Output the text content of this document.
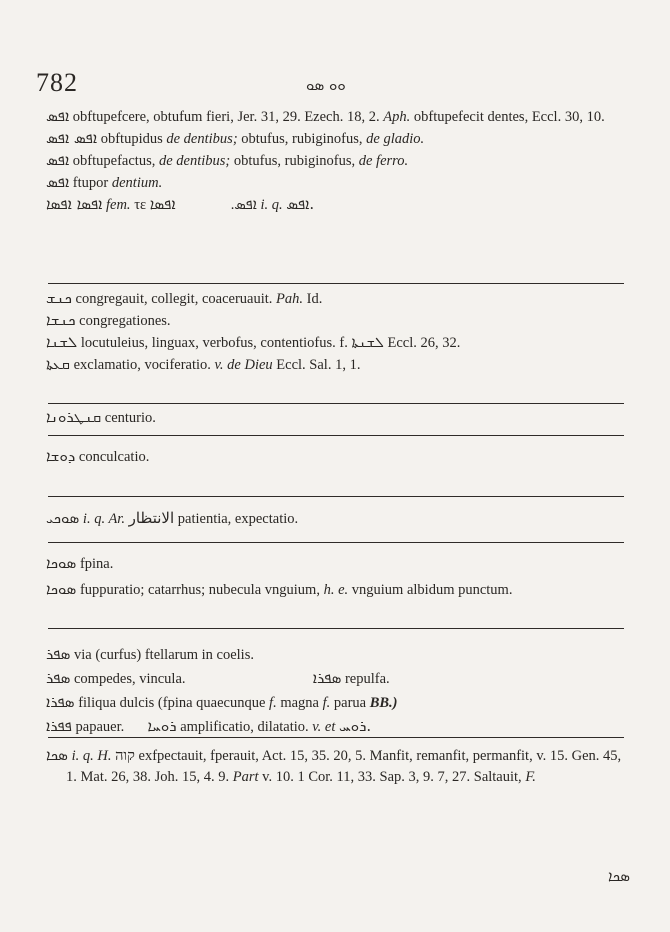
782	ܘܘ ܣܘ

ܐܦܣ obftupefcere, obtufum fieri, Jer. 31, 29. Ezech. 18, 2. Aph. obftupefecit dentes, Eccl. 30, 10.

ܐܦܣ ܐܦܣ obftupidus de dentibus; obtufus, rubiginofus, de gladio.

ܐܦܣ obftupefactus, de dentibus; obtufus, rubiginofus, de ferro.

ܐܦܣ ftupor dentium.

ܐܦܣܐ ܐܦܣܐ fem. τε ܐܦܣ.  ܐܦܣܐ	i. q. ܐܦܣ.

ܟܢܫ congregauit, collegit, coaceruauit. Pah. Id.

ܟܢܫܐ congregationes.

ܠܫܢܐ locutuleius, linguax, verbofus, contentiofus. f. ܠܫܢܬܐ Eccl. 26, 32.

ܩܥܬܐ exclamatio, vociferatio. v. de Dieu Eccl. Sal. 1, 1.

ܩܢܛܪܘܢܐ centurio.

ܕܘܫܐ conculcatio.

ܣܘܟܝ i. q. Ar. ﺍﻻﻧﺘﻈﺎﺭ patientia, expectatio.

ܣܘܟܐ fpina.

ܣܘܟܐ fuppuratio; catarrhus; nubecula vnguium, h. e. vnguium albidum punctum.

ܣܦܪ via (curfus) ftellarum in coelis.

ܣܦܪ compedes, vincula.	ܣܦܪܐ repulfa.

ܣܦܪܐ filiqua dulcis (fpina quaecunque f. magna f. parua BB.)

ܦܦܪܐ papauer. ܪܘܚܐ amplificatio, dilatatio. v. et ܪܘܚ.

ܣܟܐ i. q. H. קוה exfpectauit, fperauit, Act. 15, 35. 20, 5. Manfit, remanfit, permanfit, v. 15. Gen. 45, 1. Mat. 26, 38. Joh. 15, 4. 9. Part v. 10. 1 Cor. 11, 33. Sap. 3, 9. 7, 27. Saltauit, F.

ܣܟܐ
